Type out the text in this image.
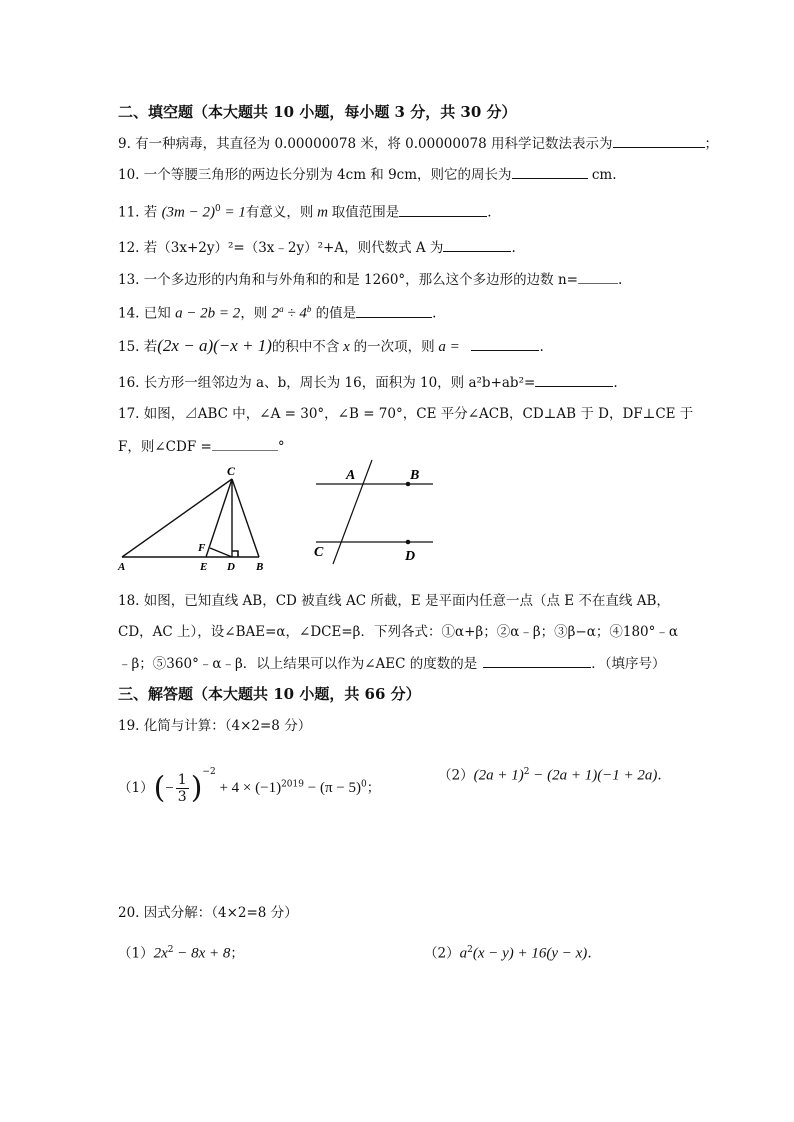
二、填空题（本大题共 10 小题，每小题 3 分，共 30 分）
9. 有一种病毒，其直径为 0.00000078 米，将 0.00000078 用科学记数法表示为	；
10. 一个等腰三角形的两边长分别为 4cm 和 9cm，则它的周长为	cm.
11. 若 $(3m - 2)^0 = 1$有意义，则 m 取值范围是	.
12. 若（3x+2y）²=（3x﹣2y）²+A，则代数式 A 为	.
13. 一个多边形的内角和与外角和的和是 1260°，那么这个多边形的边数 n=	.
14. 已知 a − 2b = 2，则 $2^a \div 4^b$ 的值是	.
15. 若(2x − a)(−x + 1)的积中不含 x 的一次项，则 a =	.
16. 长方形一组邻边为 a、b，周长为 16，面积为 10，则 a²b+ab²=	.
17. 如图，⊿ABC 中，∠A = 30°，∠B = 70°，CE 平分∠ACB，CD⊥AB 于 D，DF⊥CE 于
F，则∠CDF =	°
C
F
A	E D B
A	B
C	D
18. 如图，已知直线 AB，CD 被直线 AC 所截，E 是平面内任意一点（点 E 不在直线 AB，
CD，AC 上），设∠BAE=α，∠DCE=β．下列各式：①α+β；②α﹣β；③β−α；④180°﹣α
﹣β；⑤360°﹣α﹣β．以上结果可以作为∠AEC 的度数的是	．（填序号）
三、解答题（本大题共 10 小题，共 66 分）
19. 化简与计算：（4×2=8 分）
$(1)(- \frac{1}{3} )^{-2} + 4 \times (-1)^{2019} - (\pi - 5)^0$；
$(2)(2a + 1)^2 - (2a + 1)(-1 + 2a)$.
20. 因式分解：（4×2=8 分）
$(1)2x^2 - 8x + 8$；	$(2)a^2(x - y) + 16(y - x)$.
